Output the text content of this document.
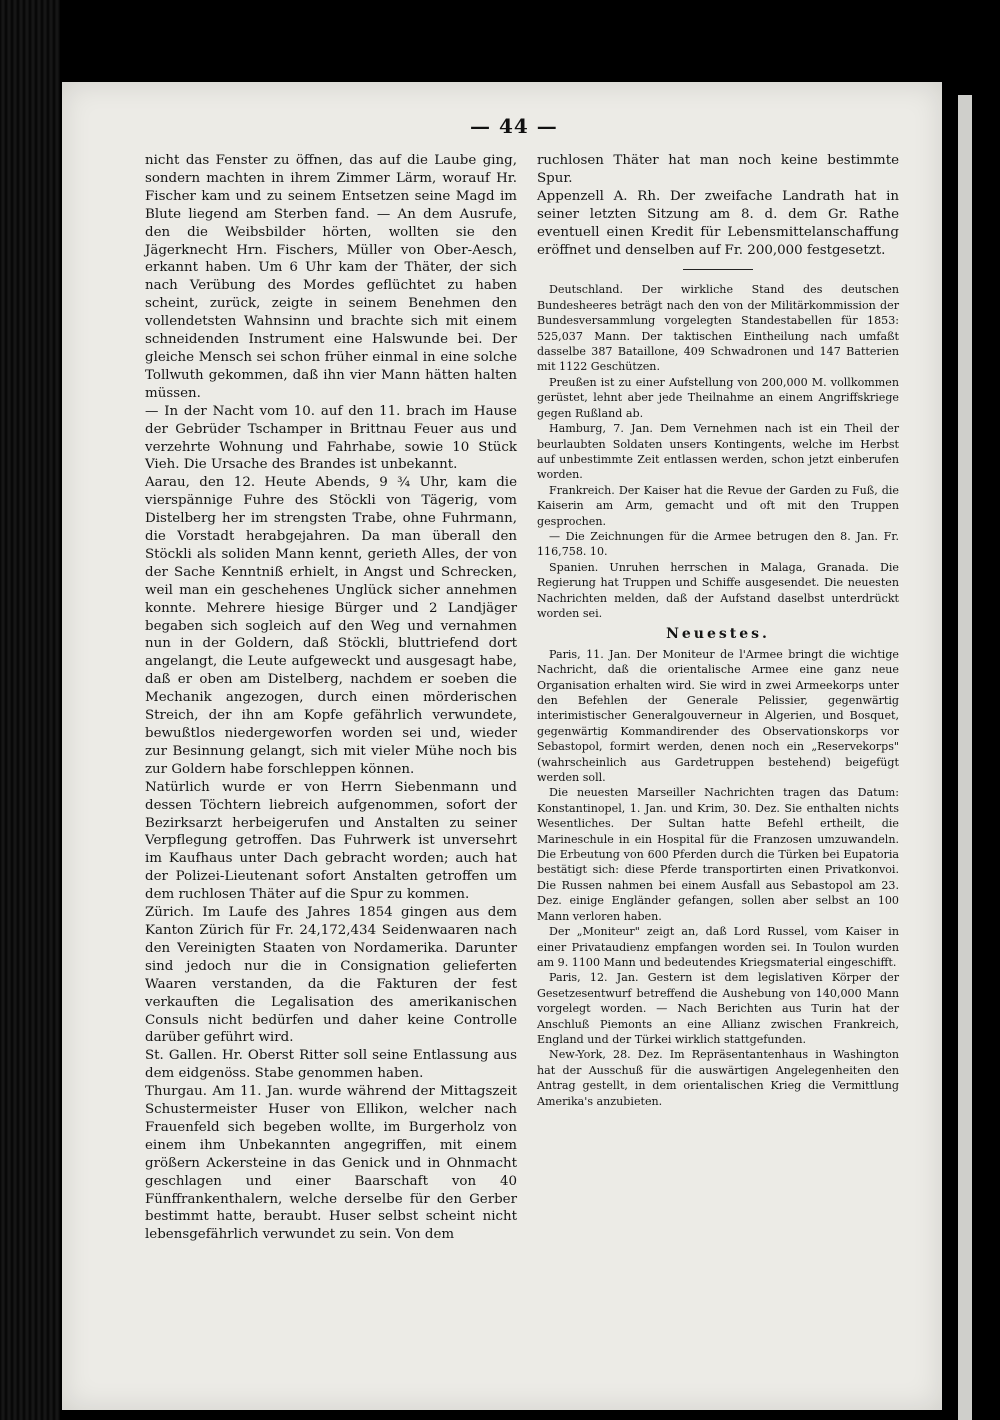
— 44 —

nicht das Fenster zu öffnen, das auf die Laube ging, sondern machten in ihrem Zimmer Lärm, worauf Hr. Fischer kam und zu seinem Entsetzen seine Magd im Blute liegend am Sterben fand. — An dem Ausrufe, den die Weibsbilder hörten, wollten sie den Jägerknecht Hrn. Fischers, Müller von Ober-Aesch, erkannt haben. Um 6 Uhr kam der Thäter, der sich nach Verübung des Mordes geflüchtet zu haben scheint, zurück, zeigte in seinem Benehmen den vollendetsten Wahnsinn und brachte sich mit einem schneidenden Instrument eine Halswunde bei. Der gleiche Mensch sei schon früher einmal in eine solche Tollwuth gekommen, daß ihn vier Mann hätten halten müssen.

— In der Nacht vom 10. auf den 11. brach im Hause der Gebrüder Tschamper in Brittnau Feuer aus und verzehrte Wohnung und Fahrhabe, sowie 10 Stück Vieh. Die Ursache des Brandes ist unbekannt.

Aarau, den 12. Heute Abends, 9 ¾ Uhr, kam die vierspännige Fuhre des Stöckli von Tägerig, vom Distelberg her im strengsten Trabe, ohne Fuhrmann, die Vorstadt herabgejahren. Da man überall den Stöckli als soliden Mann kennt, gerieth Alles, der von der Sache Kenntniß erhielt, in Angst und Schrecken, weil man ein geschehenes Unglück sicher annehmen konnte. Mehrere hiesige Bürger und 2 Landjäger begaben sich sogleich auf den Weg und vernahmen nun in der Goldern, daß Stöckli, bluttriefend dort angelangt, die Leute aufgeweckt und ausgesagt habe, daß er oben am Distelberg, nachdem er soeben die Mechanik angezogen, durch einen mörderischen Streich, der ihn am Kopfe gefährlich verwundete, bewußtlos niedergeworfen worden sei und, wieder zur Besinnung gelangt, sich mit vieler Mühe noch bis zur Goldern habe forschleppen können.

Natürlich wurde er von Herrn Siebenmann und dessen Töchtern liebreich aufgenommen, sofort der Bezirksarzt herbeigerufen und Anstalten zu seiner Verpflegung getroffen. Das Fuhrwerk ist unversehrt im Kaufhaus unter Dach gebracht worden; auch hat der Polizei-Lieutenant sofort Anstalten getroffen um dem ruchlosen Thäter auf die Spur zu kommen.

Zürich. Im Laufe des Jahres 1854 gingen aus dem Kanton Zürich für Fr. 24,172,434 Seidenwaaren nach den Vereinigten Staaten von Nordamerika. Darunter sind jedoch nur die in Consignation gelieferten Waaren verstanden, da die Fakturen der fest verkauften die Legalisation des amerikanischen Consuls nicht bedürfen und daher keine Controlle darüber geführt wird.

St. Gallen. Hr. Oberst Ritter soll seine Entlassung aus dem eidgenöss. Stabe genommen haben.

Thurgau. Am 11. Jan. wurde während der Mittagszeit Schustermeister Huser von Ellikon, welcher nach Frauenfeld sich begeben wollte, im Burgerholz von einem ihm Unbekannten angegriffen, mit einem größern Ackersteine in das Genick und in Ohnmacht geschlagen und einer Baarschaft von 40 Fünffrankenthalern, welche derselbe für den Gerber bestimmt hatte, beraubt. Huser selbst scheint nicht lebensgefährlich verwundet zu sein. Von dem

ruchlosen Thäter hat man noch keine bestimmte Spur.

Appenzell A. Rh. Der zweifache Landrath hat in seiner letzten Sitzung am 8. d. dem Gr. Rathe eventuell einen Kredit für Lebensmittelanschaffung eröffnet und denselben auf Fr. 200,000 festgesetzt.

Deutschland. Der wirkliche Stand des deutschen Bundesheeres beträgt nach den von der Militärkommission der Bundesversammlung vorgelegten Standestabellen für 1853: 525,037 Mann. Der taktischen Eintheilung nach umfaßt dasselbe 387 Bataillone, 409 Schwadronen und 147 Batterien mit 1122 Geschützen.

Preußen ist zu einer Aufstellung von 200,000 M. vollkommen gerüstet, lehnt aber jede Theilnahme an einem Angriffskriege gegen Rußland ab.

Hamburg, 7. Jan. Dem Vernehmen nach ist ein Theil der beurlaubten Soldaten unsers Kontingents, welche im Herbst auf unbestimmte Zeit entlassen werden, schon jetzt einberufen worden.

Frankreich. Der Kaiser hat die Revue der Garden zu Fuß, die Kaiserin am Arm, gemacht und oft mit den Truppen gesprochen.

— Die Zeichnungen für die Armee betrugen den 8. Jan. Fr. 116,758. 10.

Spanien. Unruhen herrschen in Malaga, Granada. Die Regierung hat Truppen und Schiffe ausgesendet. Die neuesten Nachrichten melden, daß der Aufstand daselbst unterdrückt worden sei.

Neuestes.

Paris, 11. Jan. Der Moniteur de l'Armee bringt die wichtige Nachricht, daß die orientalische Armee eine ganz neue Organisation erhalten wird. Sie wird in zwei Armeekorps unter den Befehlen der Generale Pelissier, gegenwärtig interimistischer Generalgouverneur in Algerien, und Bosquet, gegenwärtig Kommandirender des Observationskorps vor Sebastopol, formirt werden, denen noch ein „Reservekorps" (wahrscheinlich aus Gardetruppen bestehend) beigefügt werden soll.

Die neuesten Marseiller Nachrichten tragen das Datum: Konstantinopel, 1. Jan. und Krim, 30. Dez. Sie enthalten nichts Wesentliches. Der Sultan hatte Befehl ertheilt, die Marineschule in ein Hospital für die Franzosen umzuwandeln. Die Erbeutung von 600 Pferden durch die Türken bei Eupatoria bestätigt sich: diese Pferde transportirten einen Privatkonvoi. Die Russen nahmen bei einem Ausfall aus Sebastopol am 23. Dez. einige Engländer gefangen, sollen aber selbst an 100 Mann verloren haben.

Der „Moniteur" zeigt an, daß Lord Russel, vom Kaiser in einer Privataudienz empfangen worden sei. In Toulon wurden am 9. 1100 Mann und bedeutendes Kriegsmaterial eingeschifft.

Paris, 12. Jan. Gestern ist dem legislativen Körper der Gesetzesentwurf betreffend die Aushebung von 140,000 Mann vorgelegt worden. — Nach Berichten aus Turin hat der Anschluß Piemonts an eine Allianz zwischen Frankreich, England und der Türkei wirklich stattgefunden.

New-York, 28. Dez. Im Repräsentantenhaus in Washington hat der Ausschuß für die auswärtigen Angelegenheiten den Antrag gestellt, in dem orientalischen Krieg die Vermittlung Amerika's anzubieten.
